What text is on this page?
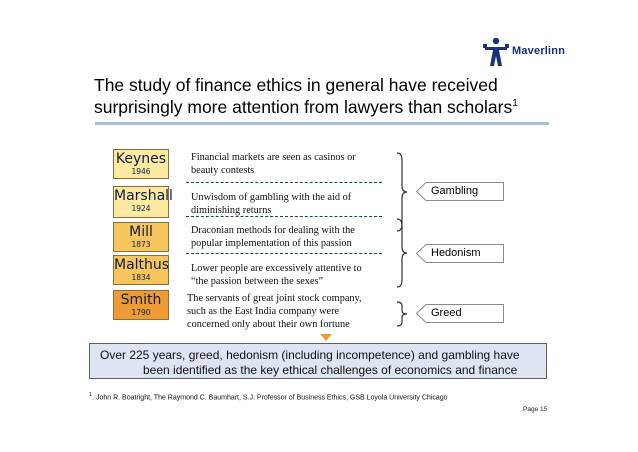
Maverlinn
The study of finance ethics in general have received surprisingly more attention from lawyers than scholars$^1$
Keynes
1946
Marshall
1924
Mill
1873
Malthus
1834
Smith
1790
Financial markets are seen as casinos or beauty contests
Unwisdom of gambling with the aid of diminishing returns
Draconian methods for dealing with the popular implementation of this passion
Lower people are excessively attentive to “the passion between the sexes”
The servants of great joint stock company, such as the East India company were concerned only about their own fortune
Gambling
Hedonism
Greed
Over 225 years, greed, hedonism (including incompetence) and gambling have
been identified as the key ethical challenges of economics and finance
$^1$. John R. Boatright, The Raymond C. Baumhart, S.J. Professor of Business Ethics, GSB Loyola University Chicago
Page 15
